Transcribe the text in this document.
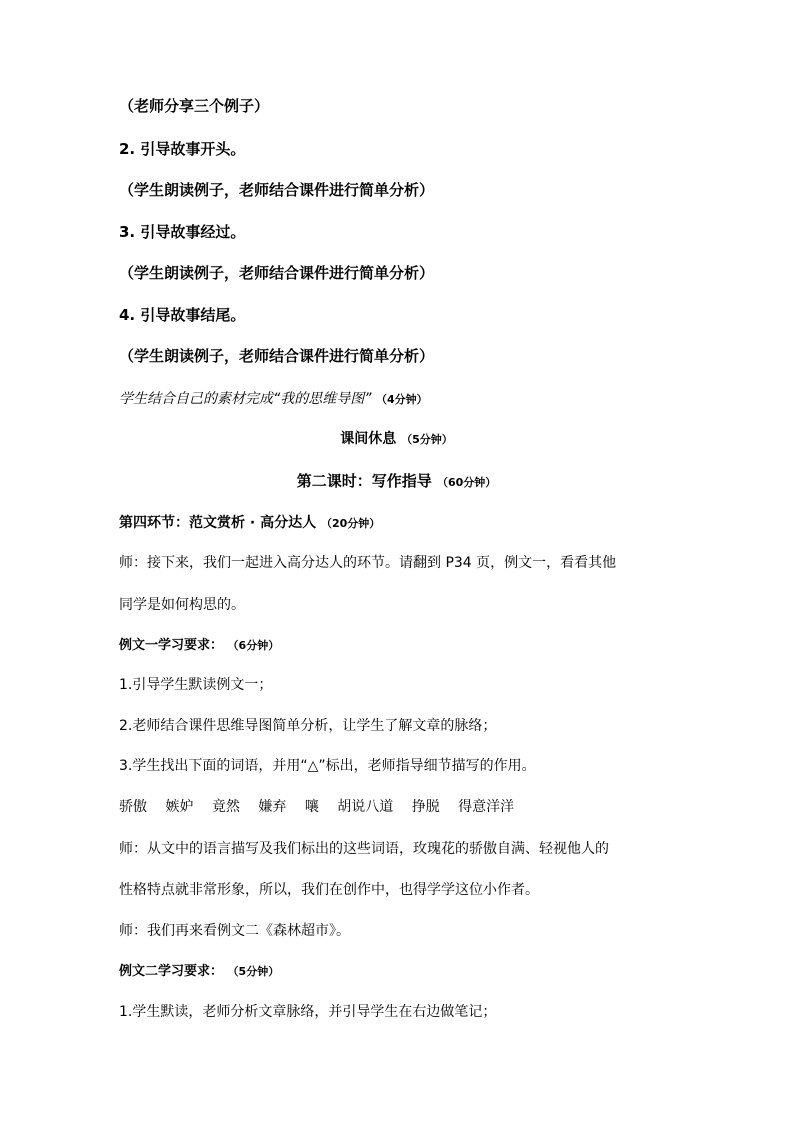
（老师分享三个例子）
2. 引导故事开头。
（学生朗读例子，老师结合课件进行简单分析）
3. 引导故事经过。
（学生朗读例子，老师结合课件进行简单分析）
4. 引导故事结尾。
（学生朗读例子，老师结合课件进行简单分析）
学生结合自己的素材完成“我的思维导图” （4分钟）
课间休息 （5分钟）
第二课时：写作指导 （60分钟）
第四环节：范文赏析 · 高分达人 （20分钟）
师：接下来，我们一起进入高分达人的环节。请翻到 P34 页，例文一，看看其他
同学是如何构思的。
例文一学习要求： （6分钟）
1.引导学生默读例文一；
2.老师结合课件思维导图简单分析，让学生了解文章的脉络；
3.学生找出下面的词语，并用“△”标出，老师指导细节描写的作用。
骄傲 嫉妒 竟然 嫌弃 嚷 胡说八道 挣脱 得意洋洋
师：从文中的语言描写及我们标出的这些词语，玫瑰花的骄傲自满、轻视他人的
性格特点就非常形象，所以，我们在创作中，也得学学这位小作者。
师：我们再来看例文二《森林超市》。
例文二学习要求： （5分钟）
1.学生默读，老师分析文章脉络，并引导学生在右边做笔记；
